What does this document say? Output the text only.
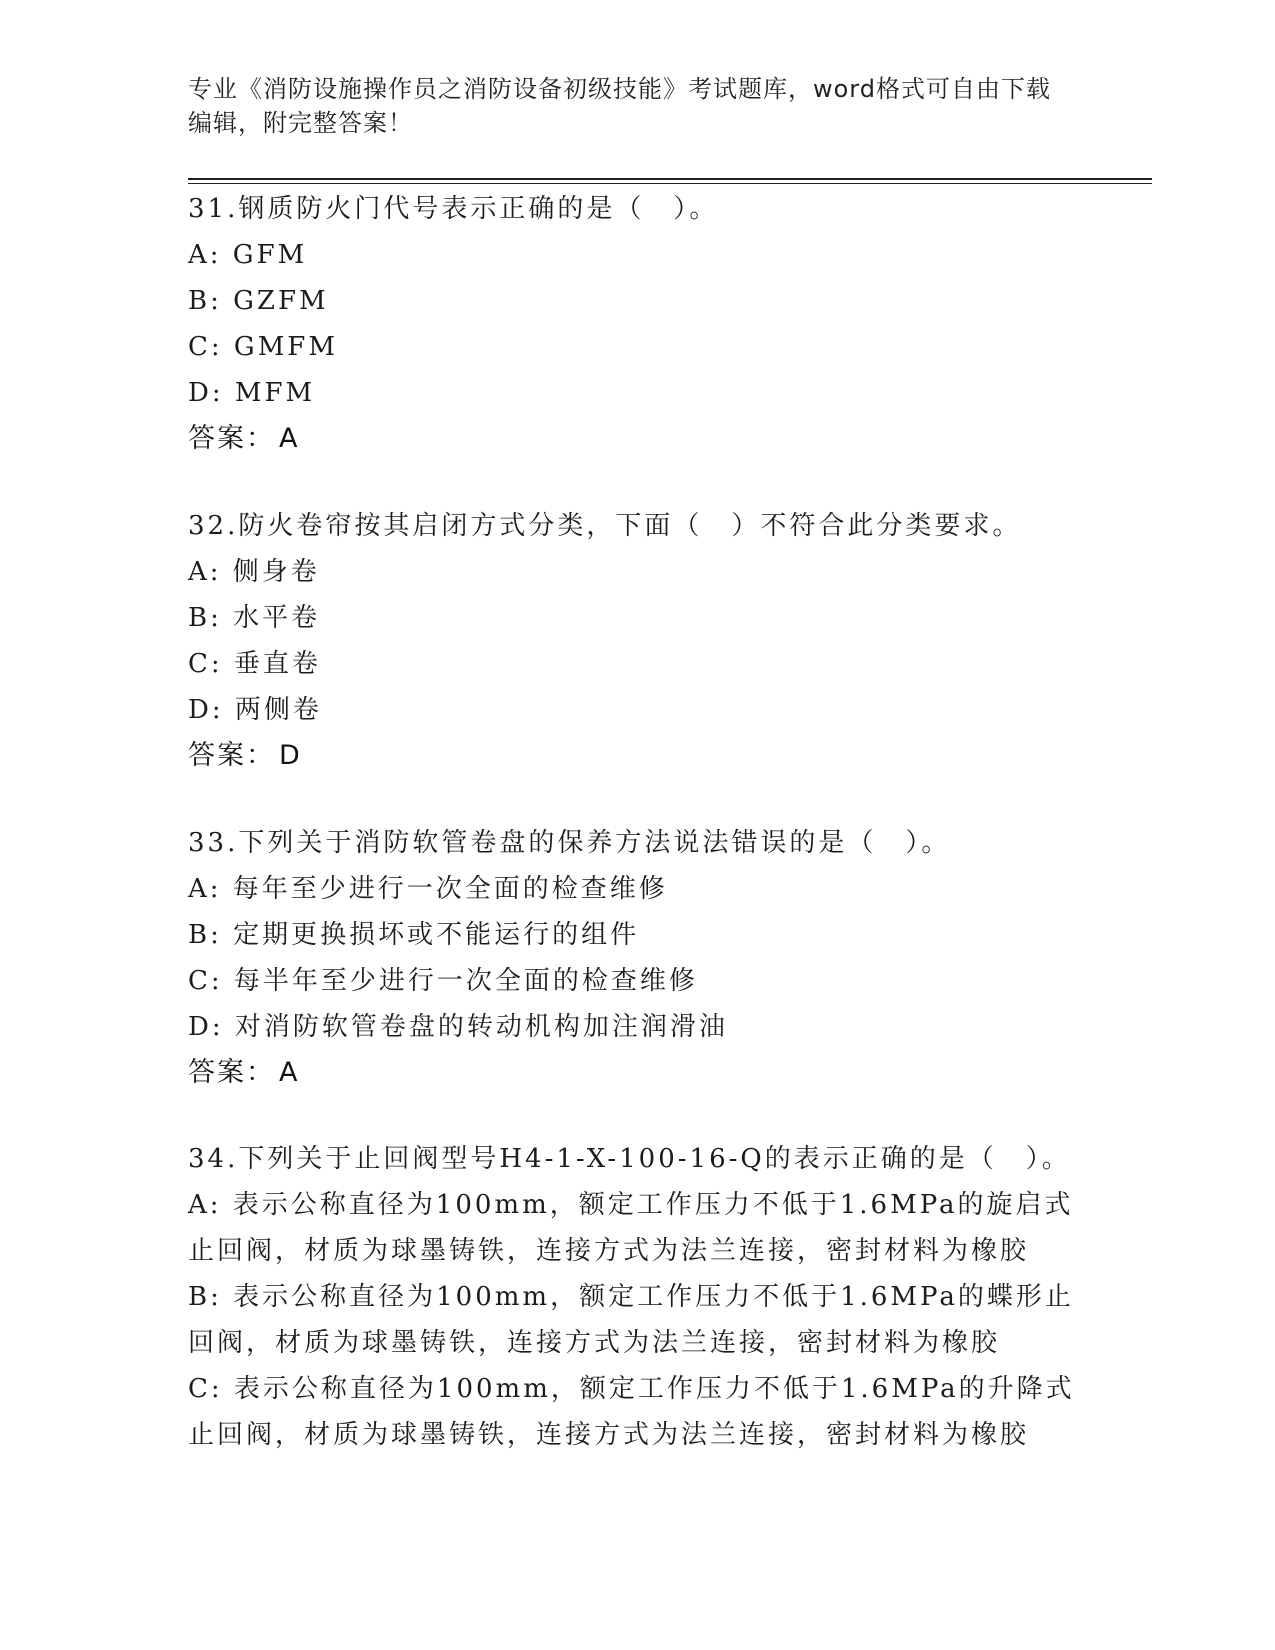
专业《消防设施操作员之消防设备初级技能》考试题库，word格式可自由下载编辑，附完整答案！
31.钢质防火门代号表示正确的是（　）。
A: GFM
B: GZFM
C: GMFM
D: MFM
答案： A
32.防火卷帘按其启闭方式分类，下面（　）不符合此分类要求。
A: 侧身卷
B: 水平卷
C: 垂直卷
D: 两侧卷
答案： D
33.下列关于消防软管卷盘的保养方法说法错误的是（　）。
A: 每年至少进行一次全面的检查维修
B: 定期更换损坏或不能运行的组件
C: 每半年至少进行一次全面的检查维修
D: 对消防软管卷盘的转动机构加注润滑油
答案： A
34.下列关于止回阀型号H4-1-X-100-16-Q的表示正确的是（　）。
A: 表示公称直径为100mm，额定工作压力不低于1.6MPa的旋启式止回阀，材质为球墨铸铁，连接方式为法兰连接，密封材料为橡胶
B: 表示公称直径为100mm，额定工作压力不低于1.6MPa的蝶形止回阀，材质为球墨铸铁，连接方式为法兰连接，密封材料为橡胶
C: 表示公称直径为100mm，额定工作压力不低于1.6MPa的升降式止回阀，材质为球墨铸铁，连接方式为法兰连接，密封材料为橡胶
